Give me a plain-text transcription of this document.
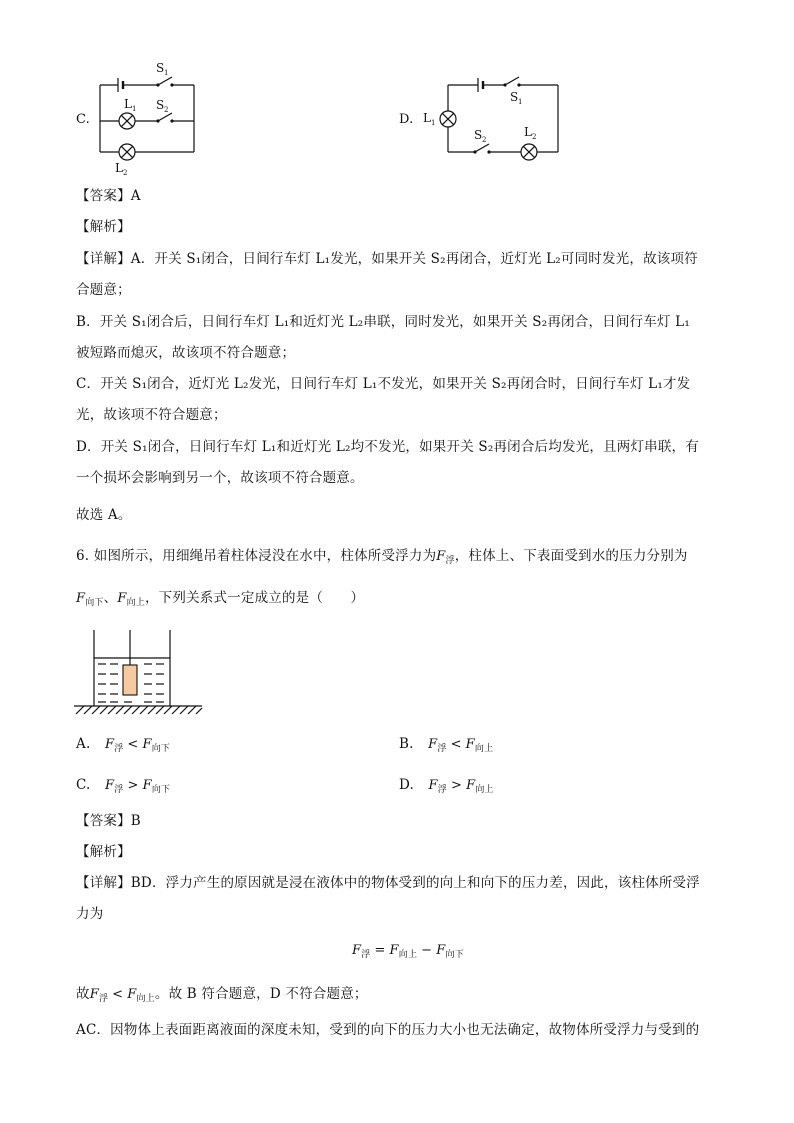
C.
S 1
S 2
L 1
L 2
D.
S 1
S 2
L 1
L 2
【答案】A
【解析】
【详解】A．开关 S₁闭合，日间行车灯 L₁发光，如果开关 S₂再闭合，近灯光 L₂可同时发光，故该项符
合题意；
B．开关 S₁闭合后，日间行车灯 L₁和近灯光 L₂串联，同时发光，如果开关 S₂再闭合，日间行车灯 L₁
被短路而熄灭，故该项不符合题意；
C．开关 S₁闭合，近灯光 L₂发光，日间行车灯 L₁不发光，如果开关 S₂再闭合时，日间行车灯 L₁才发
光，故该项不符合题意；
D．开关 S₁闭合，日间行车灯 L₁和近灯光 L₂均不发光，如果开关 S₂再闭合后均发光，且两灯串联，有
一个损坏会影响到另一个，故该项不符合题意。
故选 A。
6. 如图所示，用细绳吊着柱体浸没在水中，柱体所受浮力为$F_浮$，柱体上、下表面受到水的压力分别为
$F_{向下}$、$F_{向上}$，下列关系式一定成立的是（　　）
A. $F_浮 < F_{向下}$	B. $F_浮 < F_{向上}$
C. $F_浮 > F_{向下}$	D. $F_浮 > F_{向上}$
【答案】B
【解析】
【详解】BD．浮力产生的原因就是浸在液体中的物体受到的向上和向下的压力差，因此，该柱体所受浮
力为
$F_浮 = F_{向上} - F_{向下}$
故$F_浮 < F_{向上}$。故 B 符合题意，D 不符合题意；
AC．因物体上表面距离液面的深度未知，受到的向下的压力大小也无法确定，故物体所受浮力与受到的
